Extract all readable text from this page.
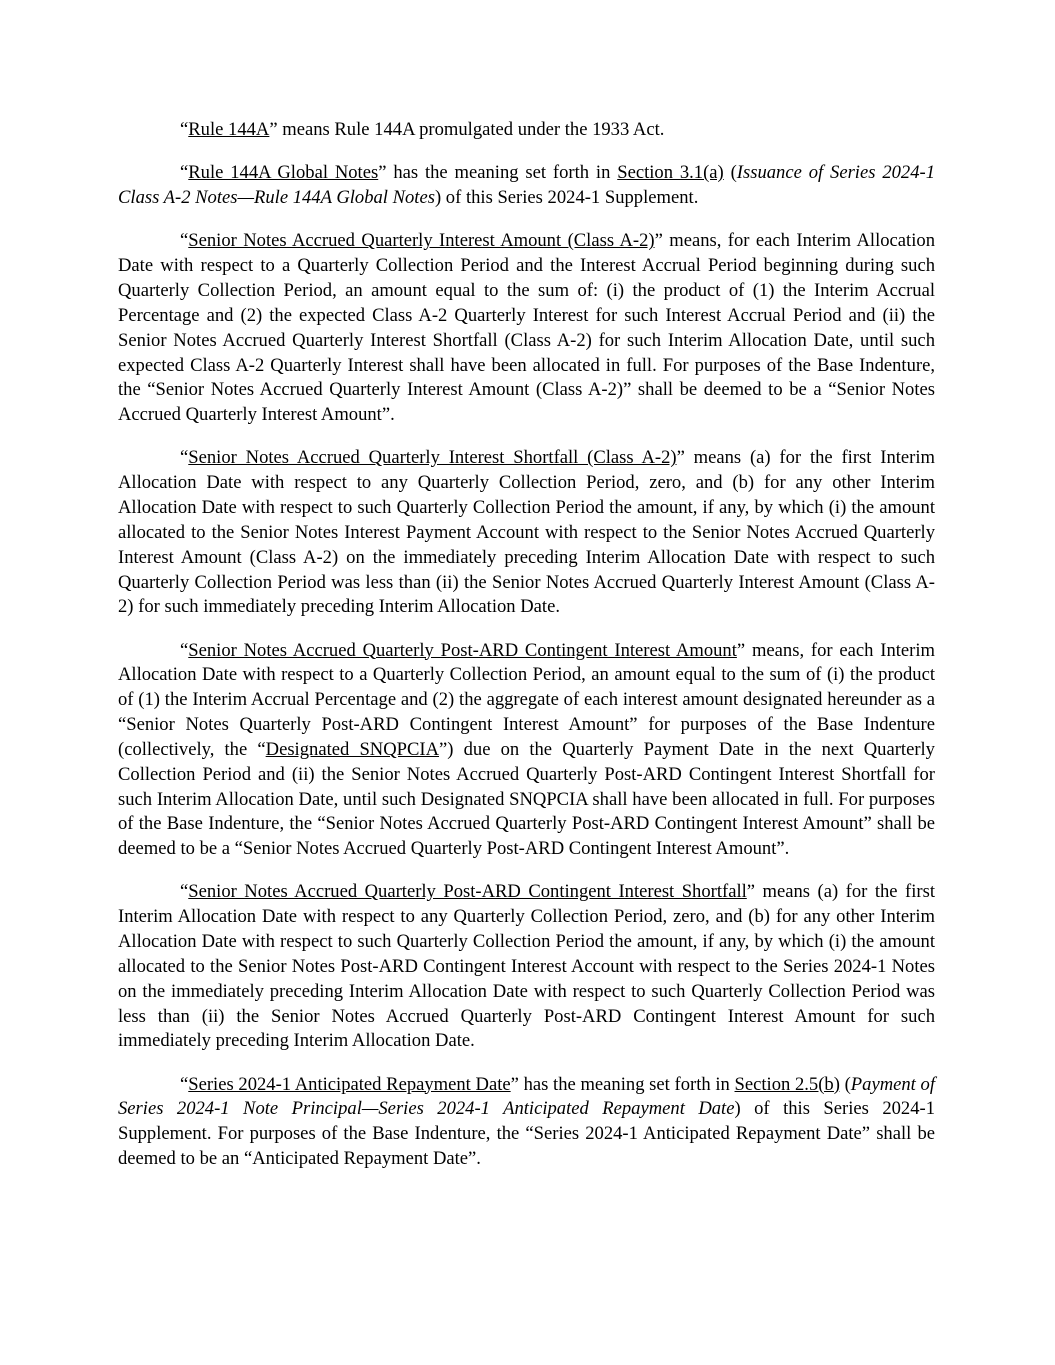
“Rule 144A” means Rule 144A promulgated under the 1933 Act.

“Rule 144A Global Notes” has the meaning set forth in Section 3.1(a) (Issuance of Series 2024-1 Class A-2 Notes—Rule 144A Global Notes) of this Series 2024-1 Supplement.

“Senior Notes Accrued Quarterly Interest Amount (Class A-2)” means, for each Interim Allocation Date with respect to a Quarterly Collection Period and the Interest Accrual Period beginning during such Quarterly Collection Period, an amount equal to the sum of: (i) the product of (1) the Interim Accrual Percentage and (2) the expected Class A-2 Quarterly Interest for such Interest Accrual Period and (ii) the Senior Notes Accrued Quarterly Interest Shortfall (Class A-2) for such Interim Allocation Date, until such expected Class A-2 Quarterly Interest shall have been allocated in full. For purposes of the Base Indenture, the “Senior Notes Accrued Quarterly Interest Amount (Class A-2)” shall be deemed to be a “Senior Notes Accrued Quarterly Interest Amount”.

“Senior Notes Accrued Quarterly Interest Shortfall (Class A-2)” means (a) for the first Interim Allocation Date with respect to any Quarterly Collection Period, zero, and (b) for any other Interim Allocation Date with respect to such Quarterly Collection Period the amount, if any, by which (i) the amount allocated to the Senior Notes Interest Payment Account with respect to the Senior Notes Accrued Quarterly Interest Amount (Class A-2) on the immediately preceding Interim Allocation Date with respect to such Quarterly Collection Period was less than (ii) the Senior Notes Accrued Quarterly Interest Amount (Class A-2) for such immediately preceding Interim Allocation Date.

“Senior Notes Accrued Quarterly Post-ARD Contingent Interest Amount” means, for each Interim Allocation Date with respect to a Quarterly Collection Period, an amount equal to the sum of (i) the product of (1) the Interim Accrual Percentage and (2) the aggregate of each interest amount designated hereunder as a “Senior Notes Quarterly Post-ARD Contingent Interest Amount” for purposes of the Base Indenture (collectively, the “Designated SNQPCIA”) due on the Quarterly Payment Date in the next Quarterly Collection Period and (ii) the Senior Notes Accrued Quarterly Post-ARD Contingent Interest Shortfall for such Interim Allocation Date, until such Designated SNQPCIA shall have been allocated in full. For purposes of the Base Indenture, the “Senior Notes Accrued Quarterly Post-ARD Contingent Interest Amount” shall be deemed to be a “Senior Notes Accrued Quarterly Post-ARD Contingent Interest Amount”.

“Senior Notes Accrued Quarterly Post-ARD Contingent Interest Shortfall” means (a) for the first Interim Allocation Date with respect to any Quarterly Collection Period, zero, and (b) for any other Interim Allocation Date with respect to such Quarterly Collection Period the amount, if any, by which (i) the amount allocated to the Senior Notes Post-ARD Contingent Interest Account with respect to the Series 2024-1 Notes on the immediately preceding Interim Allocation Date with respect to such Quarterly Collection Period was less than (ii) the Senior Notes Accrued Quarterly Post-ARD Contingent Interest Amount for such immediately preceding Interim Allocation Date.

“Series 2024-1 Anticipated Repayment Date” has the meaning set forth in Section 2.5(b) (Payment of Series 2024-1 Note Principal—Series 2024-1 Anticipated Repayment Date) of this Series 2024-1 Supplement. For purposes of the Base Indenture, the “Series 2024-1 Anticipated Repayment Date” shall be deemed to be an “Anticipated Repayment Date”.
